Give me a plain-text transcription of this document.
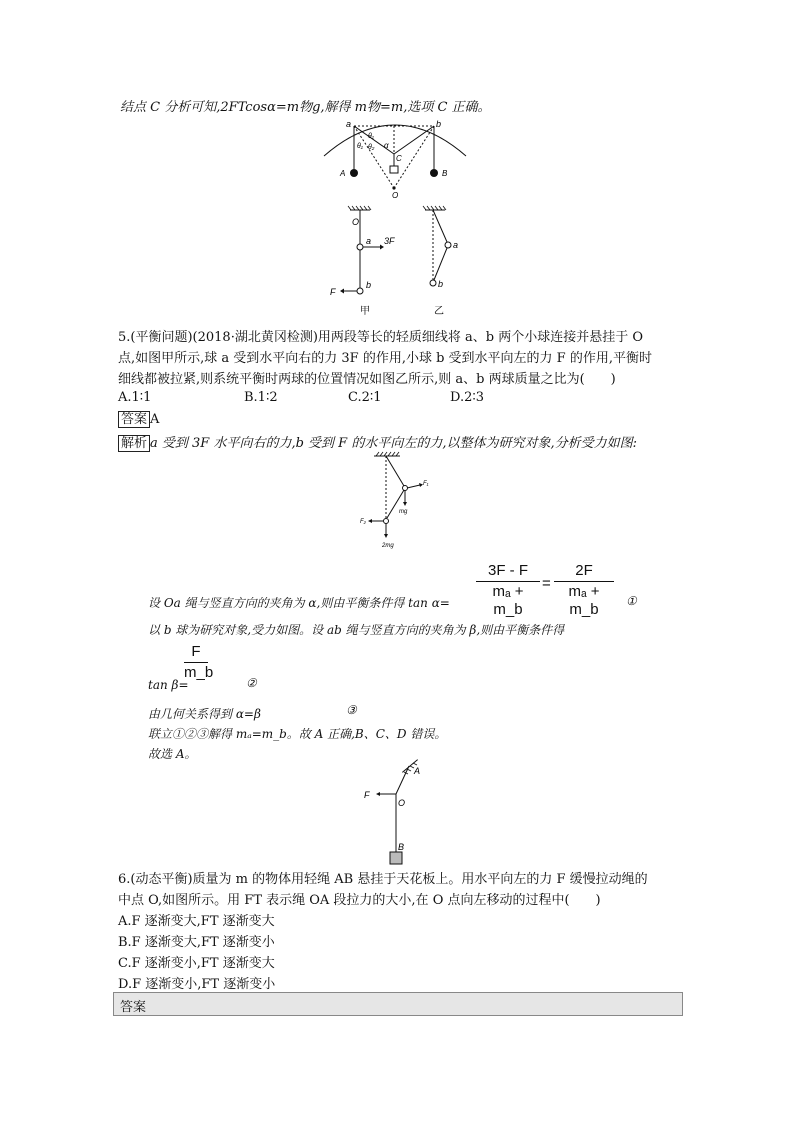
结点 C 分析可知,2FTcosα=m物g,解得 m物=m,选项 C 正确。
a	b
θ₁
θ₂
θ₁	α
C
O
A	B
O
a 3F
b
F
甲
a
b
乙
5.(平衡问题)(2018·湖北黄冈检测)用两段等长的轻质细线将 a、b 两个小球连接并悬挂于 O
点,如图甲所示,球 a 受到水平向右的力 3F 的作用,小球 b 受到水平向左的力 F 的作用,平衡时
细线都被拉紧,则系统平衡时两球的位置情况如图乙所示,则 a、b 两球质量之比为(　　)
A.1∶1	B.1∶2	C.2∶1	D.2∶3
答案 A
解析 a 受到 3F 水平向右的力,b 受到 F 的水平向左的力,以整体为研究对象,分析受力如图:
F₁
mg
F₂
2mg
设 Oa 绳与竖直方向的夹角为 α,则由平衡条件得 tan α=
3F - F
mₐ + m_b
=
2F
mₐ + m_b	①
以 b 球为研究对象,受力如图。设 ab 绳与竖直方向的夹角为 β,则由平衡条件得
F
m_b
tan β=	②
由几何关系得到 α=β	③
联立①②③解得 mₐ=m_b。故 A 正确,B、C、D 错误。
故选 A。
A
F
O
B
6.(动态平衡)质量为 m 的物体用轻绳 AB 悬挂于天花板上。用水平向左的力 F 缓慢拉动绳的
中点 O,如图所示。用 FT 表示绳 OA 段拉力的大小,在 O 点向左移动的过程中(　　)
A.F 逐渐变大,FT 逐渐变大
B.F 逐渐变大,FT 逐渐变小
C.F 逐渐变小,FT 逐渐变大
D.F 逐渐变小,FT 逐渐变小
答案
